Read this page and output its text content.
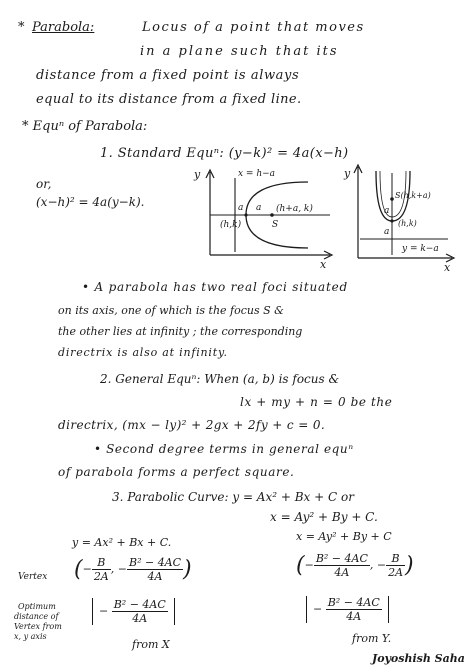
* Parabola:	Locus of a point that moves
in a plane such that its
distance from a fixed point is always
equal to its distance from a fixed line.
* Equⁿ of Parabola:
1. Standard Equⁿ: (y−k)² = 4a(x−h)
or,
(x−h)² = 4a(y−k).
y
x
x = h−a
a a (h+a, k)
(h,k)	S
y
x
S(h,k+a)
a
(h,k)
a
y = k−a
• A parabola has two real foci situated
on its axis, one of which is the focus S &
the other lies at infinity ; the corresponding
directrix is also at infinity.
2. General Equⁿ: When (a, b) is focus &
lx + my + n = 0 be the
directrix, (mx − ly)² + 2gx + 2fy + c = 0.
• Second degree terms in general equⁿ
of parabola forms a perfect square.
3. Parabolic Curve: y = Ax² + Bx + C or
x = Ay² + By + C.
y = Ax² + Bx + C.
Vertex (− $\frac{B}{2A}$ , − $\frac{\text{B² − 4AC}}{4A}$ )
Optimum
distance of
Vertex from
x, y axis
− $\frac{\text{B² − 4AC}}{4A}$
from X
x = Ay² + By + C
(− $\frac{\text{B² − 4AC}}{4A}$ , − $\frac{B}{2A}$ )
− $\frac{\text{B² − 4AC}}{4A}$
from Y.
Joyoshish Saha
